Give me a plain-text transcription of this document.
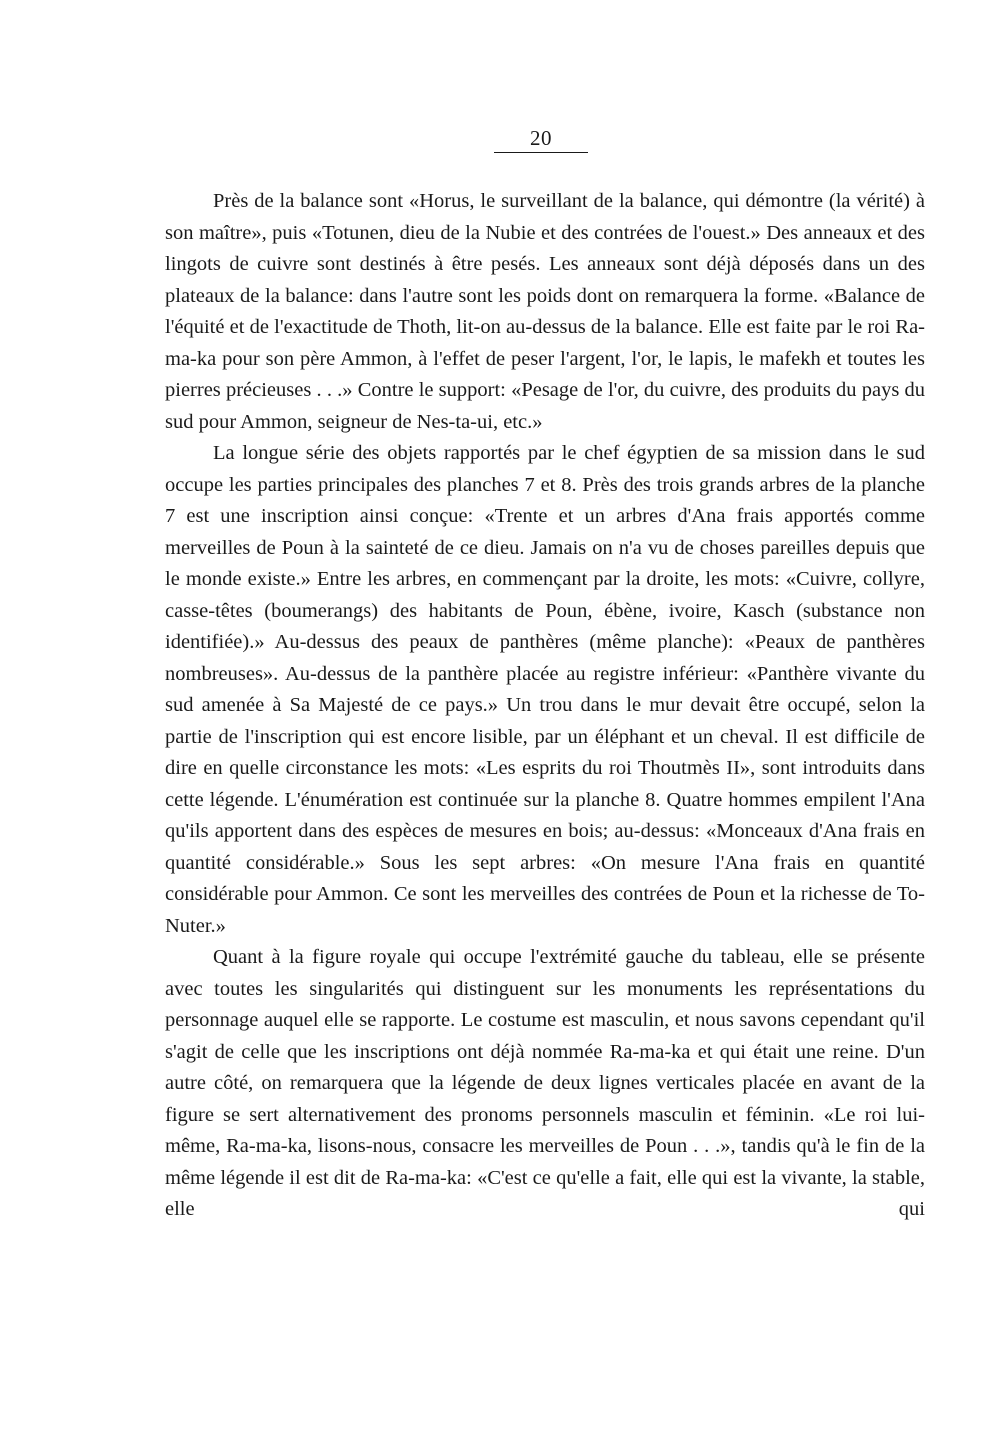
20

Près de la balance sont «Horus, le surveillant de la balance, qui démontre (la vérité) à son maître», puis «Totunen, dieu de la Nubie et des contrées de l'ouest.» Des anneaux et des lingots de cuivre sont destinés à être pesés. Les anneaux sont déjà déposés dans un des plateaux de la balance: dans l'autre sont les poids dont on remarquera la forme. «Balance de l'équité et de l'exactitude de Thoth, lit-on au-dessus de la balance. Elle est faite par le roi Ra-ma-ka pour son père Ammon, à l'effet de peser l'argent, l'or, le lapis, le mafekh et toutes les pierres précieuses . . .» Contre le support: «Pesage de l'or, du cuivre, des produits du pays du sud pour Ammon, seigneur de Nes-ta-ui, etc.»

La longue série des objets rapportés par le chef égyptien de sa mission dans le sud occupe les parties principales des planches 7 et 8. Près des trois grands arbres de la planche 7 est une inscription ainsi conçue: «Trente et un arbres d'Ana frais apportés comme merveilles de Poun à la sainteté de ce dieu. Jamais on n'a vu de choses pareilles depuis que le monde existe.» Entre les arbres, en commençant par la droite, les mots: «Cuivre, collyre, casse-têtes (boumerangs) des habitants de Poun, ébène, ivoire, Kasch (substance non identifiée).» Au-dessus des peaux de panthères (même planche): «Peaux de panthères nombreuses». Au-dessus de la panthère placée au registre inférieur: «Panthère vivante du sud amenée à Sa Majesté de ce pays.» Un trou dans le mur devait être occupé, selon la partie de l'inscription qui est encore lisible, par un éléphant et un cheval. Il est difficile de dire en quelle circonstance les mots: «Les esprits du roi Thoutmès II», sont introduits dans cette légende. L'énumération est continuée sur la planche 8. Quatre hommes empilent l'Ana qu'ils apportent dans des espèces de mesures en bois; au-dessus: «Monceaux d'Ana frais en quantité considérable.» Sous les sept arbres: «On mesure l'Ana frais en quantité considérable pour Ammon. Ce sont les merveilles des contrées de Poun et la richesse de To-Nuter.»

Quant à la figure royale qui occupe l'extrémité gauche du tableau, elle se présente avec toutes les singularités qui distinguent sur les monuments les représentations du personnage auquel elle se rapporte. Le costume est masculin, et nous savons cependant qu'il s'agit de celle que les inscriptions ont déjà nommée Ra-ma-ka et qui était une reine. D'un autre côté, on remarquera que la légende de deux lignes verticales placée en avant de la figure se sert alternativement des pronoms personnels masculin et féminin. «Le roi lui-même, Ra-ma-ka, lisons-nous, consacre les merveilles de Poun . . .», tandis qu'à le fin de la même légende il est dit de Ra-ma-ka: «C'est ce qu'elle a fait, elle qui est la vivante, la stable, elle qui
